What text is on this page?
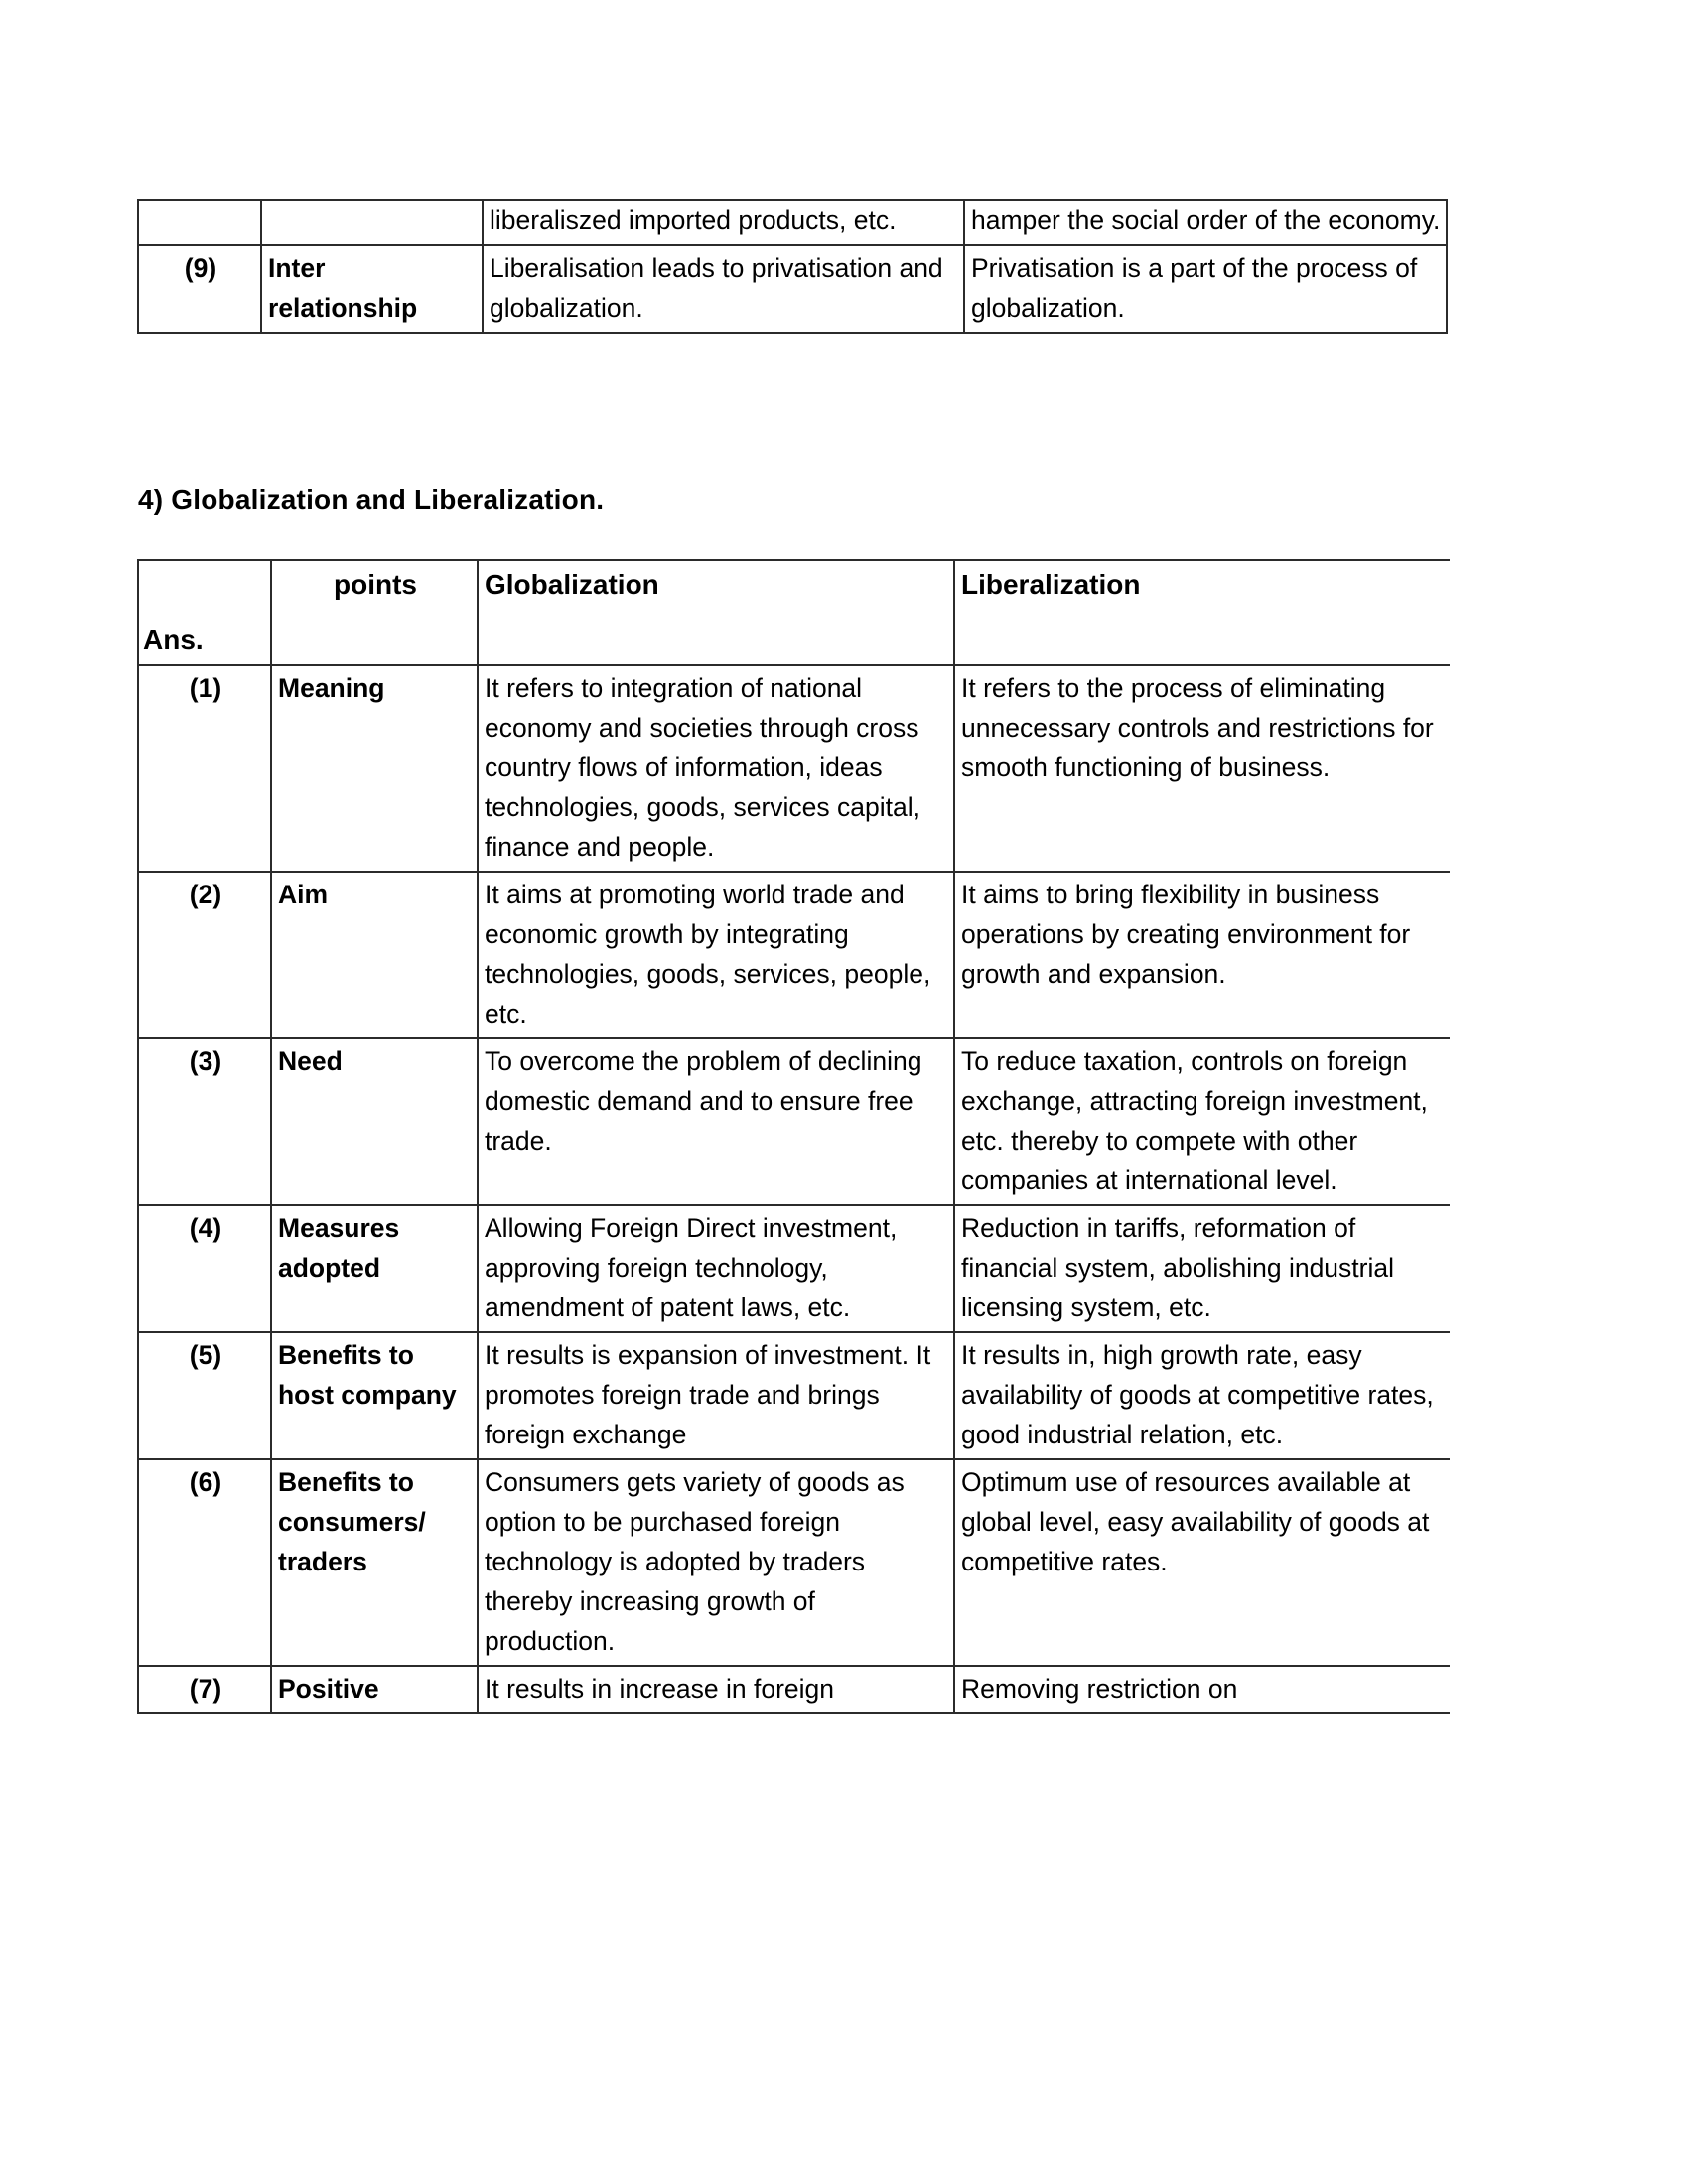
		liberaliszed imported products, etc.	hamper the social order of the economy.
(9)	Inter relationship	Liberalisation leads to privatisation and globalization.	Privatisation is a part of the process of globalization.
4) Globalization and Liberalization.
Ans.	points	Globalization	Liberalization
(1)	Meaning	It refers to integration of national economy and societies through cross country flows of information, ideas technologies, goods, services capital, finance and people.	It refers to the process of eliminating unnecessary controls and restrictions for smooth functioning of business.
(2)	Aim	It aims at promoting world trade and economic growth by integrating technologies, goods, services, people, etc.	It aims to bring flexibility in business operations by creating environment for growth and expansion.
(3)	Need	To overcome the problem of declining domestic demand and to ensure free trade.	To reduce taxation, controls on foreign exchange, attracting foreign investment, etc. thereby to compete with other companies at international level.
(4)	Measures adopted	Allowing Foreign Direct investment, approving foreign technology, amendment of patent laws, etc.	Reduction in tariffs, reformation of financial system, abolishing industrial licensing system, etc.
(5)	Benefits to host company	It results is expansion of investment. It promotes foreign trade and brings foreign exchange	It results in, high growth rate, easy availability of goods at competitive rates, good industrial relation, etc.
(6)	Benefits to consumers/ traders	Consumers gets variety of goods as option to be purchased foreign technology is adopted by traders thereby increasing growth of production.	Optimum use of resources available at global level, easy availability of goods at competitive rates.
(7)	Positive	It results in increase in foreign	Removing restriction on
